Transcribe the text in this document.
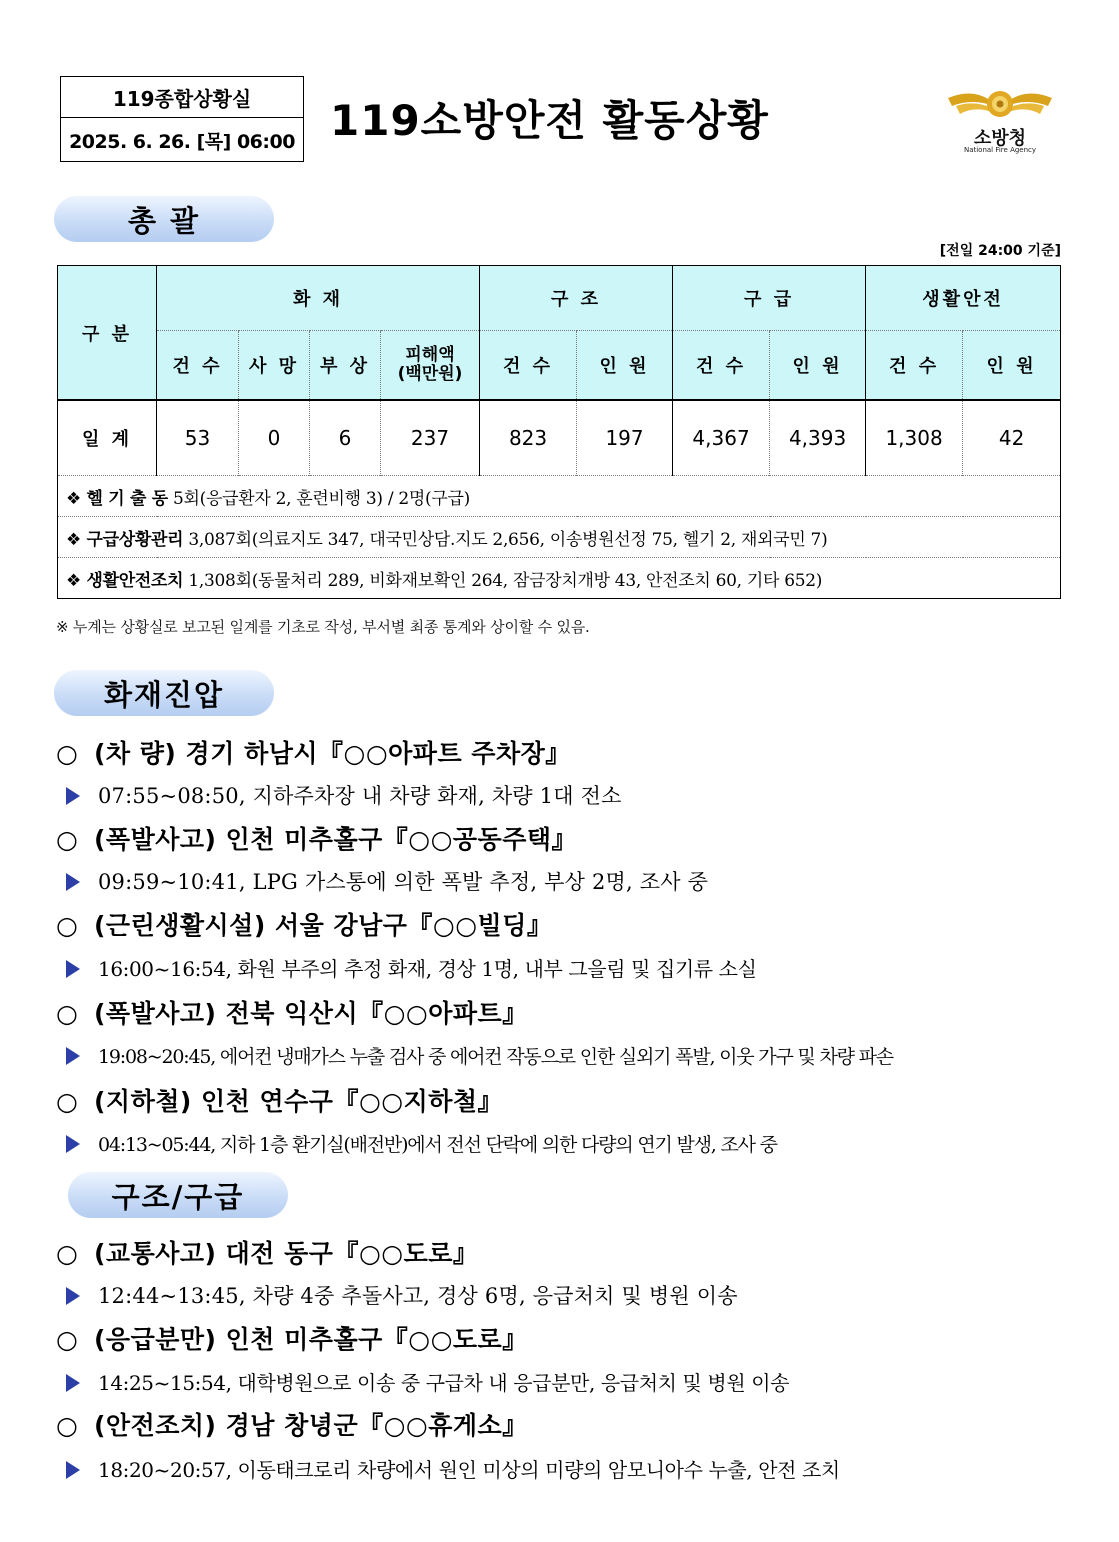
119종합상황실
2025. 6. 26. [목] 06:00 119소방안전 활동상황	소방청
National Fire Agency
총 괄
[전일 24:00 기준]
구 분	화 재				구 조		구 급		생활안전	
	건 수	사 망	부 상	피해액
(백만원)	건 수	인 원	건 수	인 원	건 수	인 원
일 계	53	0	6	237	823	197	4,367	4,393	1,308	42
❖ 헬 기 출 동 5회(응급환자 2, 훈련비행 3) / 2명(구급)										
❖ 구급상황관리 3,087회(의료지도 347, 대국민상담.지도 2,656, 이송병원선정 75, 헬기 2, 재외국민 7)										
❖ 생활안전조치 1,308회(동물처리 289, 비화재보확인 264, 잠금장치개방 43, 안전조치 60, 기타 652)										
※ 누계는 상황실로 보고된 일계를 기초로 작성, 부서별 최종 통계와 상이할 수 있음.
화재진압
○ (차 량) 경기 하남시『○○아파트 주차장』
07:55~08:50, 지하주차장 내 차량 화재, 차량 1대 전소
○ (폭발사고) 인천 미추홀구『○○공동주택』
09:59~10:41, LPG 가스통에 의한 폭발 추정, 부상 2명, 조사 중
○ (근린생활시설) 서울 강남구『○○빌딩』
16:00~16:54, 화원 부주의 추정 화재, 경상 1명, 내부 그을림 및 집기류 소실
○ (폭발사고) 전북 익산시『○○아파트』
19:08~20:45, 에어컨 냉매가스 누출 검사 중 에어컨 작동으로 인한 실외기 폭발, 이웃 가구 및 차량 파손
○ (지하철) 인천 연수구『○○지하철』
04:13~05:44, 지하 1층 환기실(배전반)에서 전선 단락에 의한 다량의 연기 발생, 조사 중
구조/구급
○ (교통사고) 대전 동구『○○도로』
12:44~13:45, 차량 4중 추돌사고, 경상 6명, 응급처치 및 병원 이송
○ (응급분만) 인천 미추홀구『○○도로』
14:25~15:54, 대학병원으로 이송 중 구급차 내 응급분만, 응급처치 및 병원 이송
○ (안전조치) 경남 창녕군『○○휴게소』
18:20~20:57, 이동태크로리 차량에서 원인 미상의 미량의 암모니아수 누출, 안전 조치
